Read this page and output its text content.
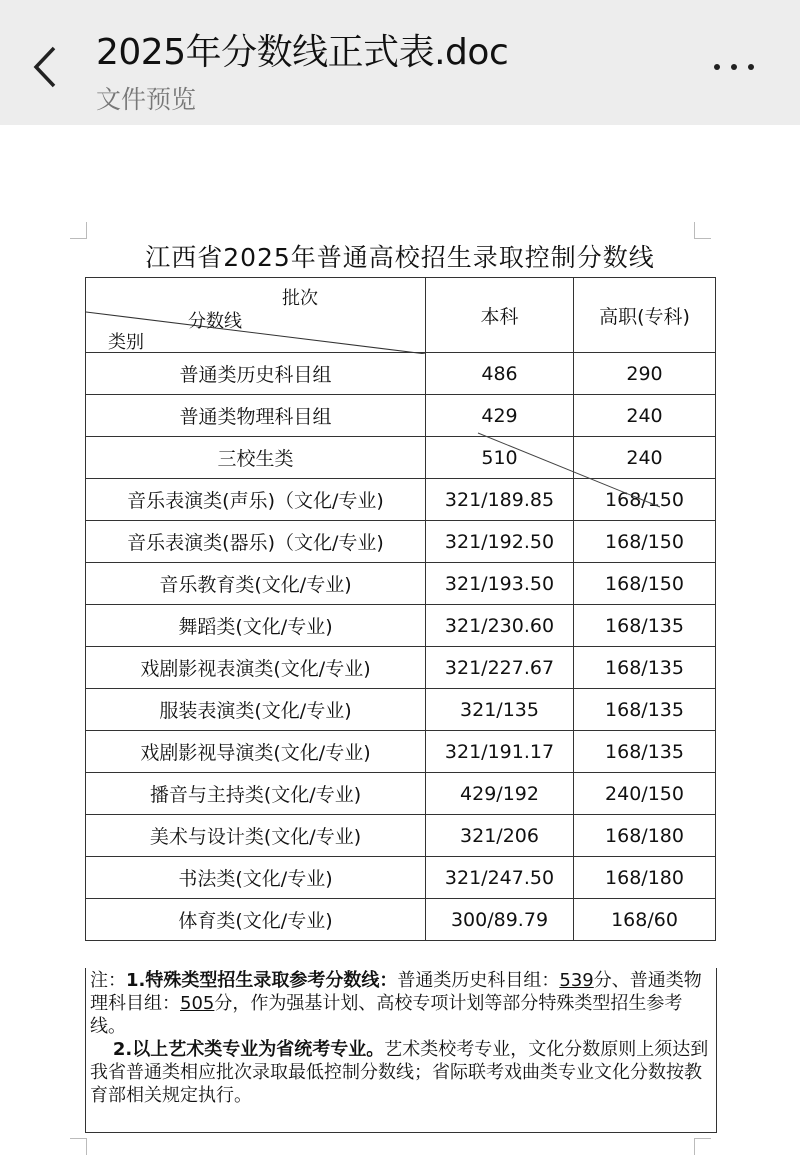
2025年分数线正式表.doc
文件预览
江西省2025年普通高校招生录取控制分数线
批次
分数线
类别	本科	高职(专科)
普通类历史科目组	486	290
普通类物理科目组	429	240
三校生类	510	240
音乐表演类(声乐)（文化/专业)	321/189.85	168/150
音乐表演类(器乐)（文化/专业)	321/192.50	168/150
音乐教育类(文化/专业)	321/193.50	168/150
舞蹈类(文化/专业)	321/230.60	168/135
戏剧影视表演类(文化/专业)	321/227.67	168/135
服装表演类(文化/专业)	321/135	168/135
戏剧影视导演类(文化/专业)	321/191.17	168/135
播音与主持类(文化/专业)	429/192	240/150
美术与设计类(文化/专业)	321/206	168/180
书法类(文化/专业)	321/247.50	168/180
体育类(文化/专业)	300/89.79	168/60
注：1.特殊类型招生录取参考分数线：普通类历史科目组：539分、普通类物理科目组：505分，作为强基计划、高校专项计划等部分特殊类型招生参考线。
2.以上艺术类专业为省统考专业。艺术类校考专业，文化分数原则上须达到我省普通类相应批次录取最低控制分数线；省际联考戏曲类专业文化分数按教育部相关规定执行。
